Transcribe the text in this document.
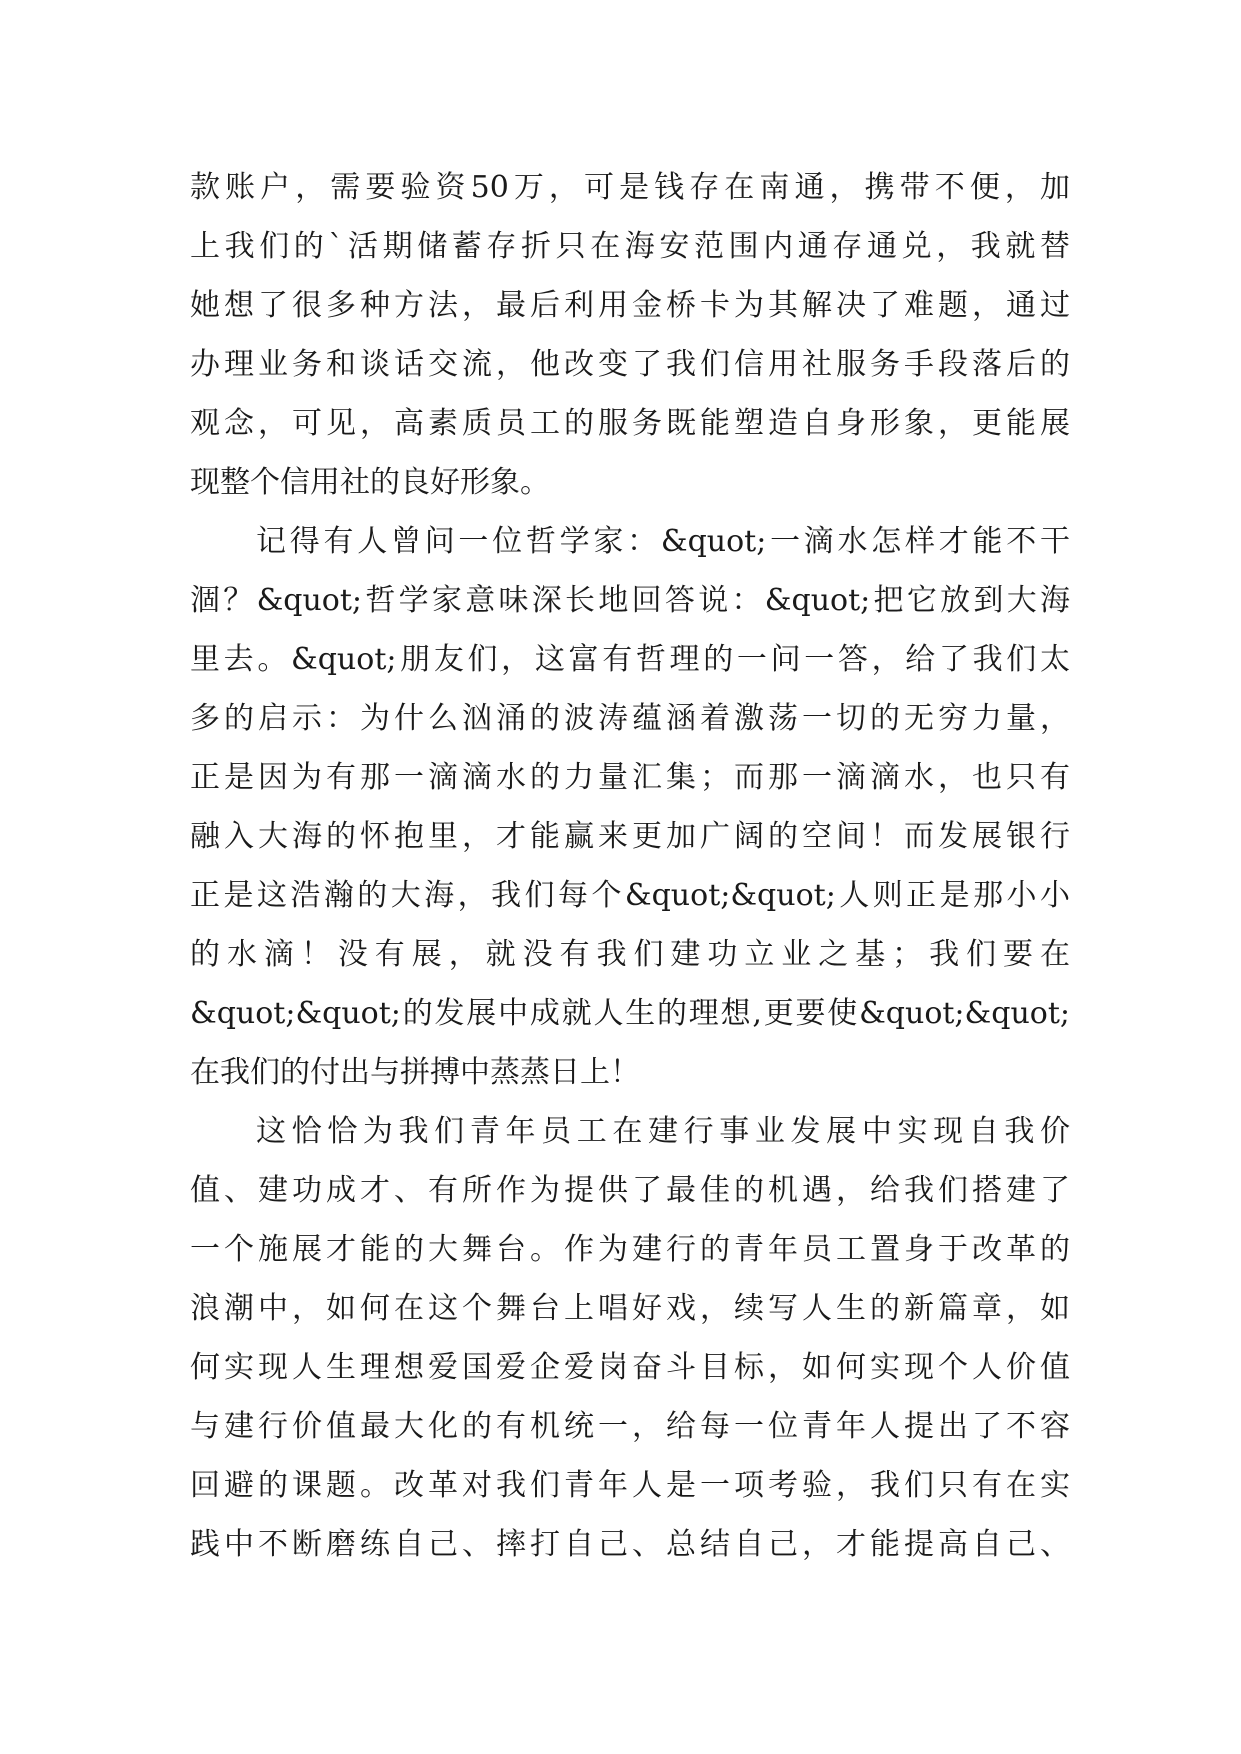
款账户，需要验资50万，可是钱存在南通，携带不便，加
上我们的`活期储蓄存折只在海安范围内通存通兑，我就替
她想了很多种方法，最后利用金桥卡为其解决了难题，通过
办理业务和谈话交流，他改变了我们信用社服务手段落后的
观念，可见，高素质员工的服务既能塑造自身形象，更能展
现整个信用社的良好形象。
记得有人曾问一位哲学家：&quot;一滴水怎样才能不干
涸？&quot;哲学家意味深长地回答说：&quot;把它放到大海
里去。&quot;朋友们，这富有哲理的一问一答，给了我们太
多的启示：为什么汹涌的波涛蕴涵着激荡一切的无穷力量，
正是因为有那一滴滴水的力量汇集；而那一滴滴水，也只有
融入大海的怀抱里，才能赢来更加广阔的空间！而发展银行
正是这浩瀚的大海，我们每个&quot;&quot;人则正是那小小
的水滴！没有展，就没有我们建功立业之基；我们要在
&quot;&quot;的发展中成就人生的理想,更要使&quot;&quot;
在我们的付出与拼搏中蒸蒸日上！
这恰恰为我们青年员工在建行事业发展中实现自我价
值、建功成才、有所作为提供了最佳的机遇，给我们搭建了
一个施展才能的大舞台。作为建行的青年员工置身于改革的
浪潮中，如何在这个舞台上唱好戏，续写人生的新篇章，如
何实现人生理想爱国爱企爱岗奋斗目标，如何实现个人价值
与建行价值最大化的有机统一，给每一位青年人提出了不容
回避的课题。改革对我们青年人是一项考验，我们只有在实
践中不断磨练自己、摔打自己、总结自己，才能提高自己、
